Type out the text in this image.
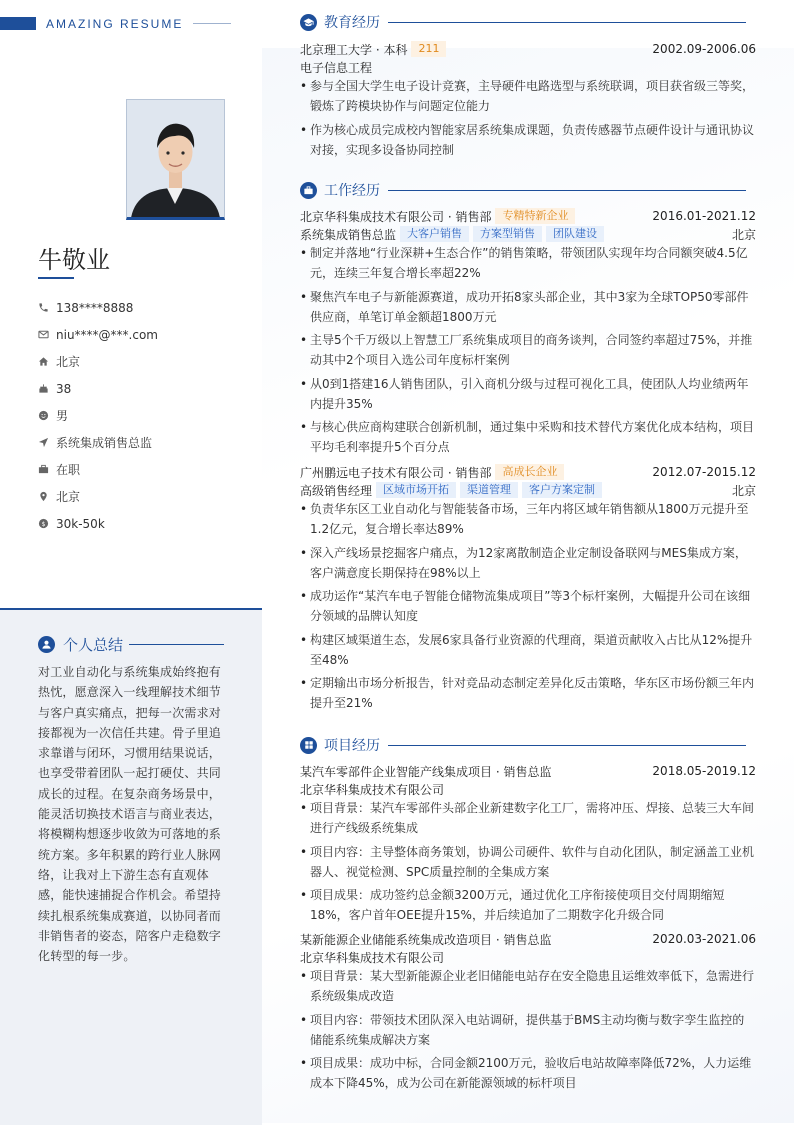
AMAZING RESUME
牛敬业
138****8888
niu****@***.com
北京
38
男
系统集成销售总监
在职
北京
$ 30k-50k
个人总结
对工业自动化与系统集成始终抱有热忱，愿意深入一线理解技术细节与客户真实痛点，把每一次需求对接都视为一次信任共建。骨子里追求靠谱与闭环，习惯用结果说话，也享受带着团队一起打硬仗、共同成长的过程。在复杂商务场景中，能灵活切换技术语言与商业表达，将模糊构想逐步收敛为可落地的系统方案。多年积累的跨行业人脉网络，让我对上下游生态有直观体感，能快速捕捉合作机会。希望持续扎根系统集成赛道，以协同者而非销售者的姿态，陪客户走稳数字化转型的每一步。
教育经历
北京理工大学 · 本科	211	2002.09-2006.06
电子信息工程
• 参与全国大学生电子设计竞赛，主导硬件电路选型与系统联调，项目获省级三等奖，锻炼了跨模块协作与问题定位能力
• 作为核心成员完成校内智能家居系统集成课题，负责传感器节点硬件设计与通讯协议对接，实现多设备协同控制
工作经历
北京华科集成技术有限公司 · 销售部	专精特新企业	2016.01-2021.12
系统集成销售总监	大客户销售	方案型销售	团队建设	北京
• 制定并落地“行业深耕+生态合作”的销售策略，带领团队实现年均合同额突破4.5亿元，连续三年复合增长率超22%
• 聚焦汽车电子与新能源赛道，成功开拓8家头部企业，其中3家为全球TOP50零部件供应商，单笔订单金额超1800万元
• 主导5个千万级以上智慧工厂系统集成项目的商务谈判，合同签约率超过75%，并推动其中2个项目入选公司年度标杆案例
• 从0到1搭建16人销售团队，引入商机分级与过程可视化工具，使团队人均业绩两年内提升35%
• 与核心供应商构建联合创新机制，通过集中采购和技术替代方案优化成本结构，项目平均毛利率提升5个百分点
广州鹏远电子技术有限公司 · 销售部	高成长企业	2012.07-2015.12
高级销售经理	区域市场开拓	渠道管理	客户方案定制	北京
• 负责华东区工业自动化与智能装备市场，三年内将区域年销售额从1800万元提升至1.2亿元，复合增长率达89%
• 深入产线场景挖掘客户痛点，为12家离散制造企业定制设备联网与MES集成方案，客户满意度长期保持在98%以上
• 成功运作“某汽车电子智能仓储物流集成项目”等3个标杆案例，大幅提升公司在该细分领域的品牌认知度
• 构建区域渠道生态，发展6家具备行业资源的代理商，渠道贡献收入占比从12%提升至48%
• 定期输出市场分析报告，针对竞品动态制定差异化反击策略，华东区市场份额三年内提升至21%
项目经历
某汽车零部件企业智能产线集成项目 · 销售总监	2018.05-2019.12
北京华科集成技术有限公司
• 项目背景：某汽车零部件头部企业新建数字化工厂，需将冲压、焊接、总装三大车间进行产线级系统集成
• 项目内容：主导整体商务策划，协调公司硬件、软件与自动化团队，制定涵盖工业机器人、视觉检测、SPC质量控制的全集成方案
• 项目成果：成功签约总金额3200万元，通过优化工序衔接使项目交付周期缩短18%，客户首年OEE提升15%，并后续追加了二期数字化升级合同
某新能源企业储能系统集成改造项目 · 销售总监	2020.03-2021.06
北京华科集成技术有限公司
• 项目背景：某大型新能源企业老旧储能电站存在安全隐患且运维效率低下，急需进行系统级集成改造
• 项目内容：带领技术团队深入电站调研，提供基于BMS主动均衡与数字孪生监控的储能系统集成解决方案
• 项目成果：成功中标，合同金额2100万元，验收后电站故障率降低72%，人力运维成本下降45%，成为公司在新能源领域的标杆项目
